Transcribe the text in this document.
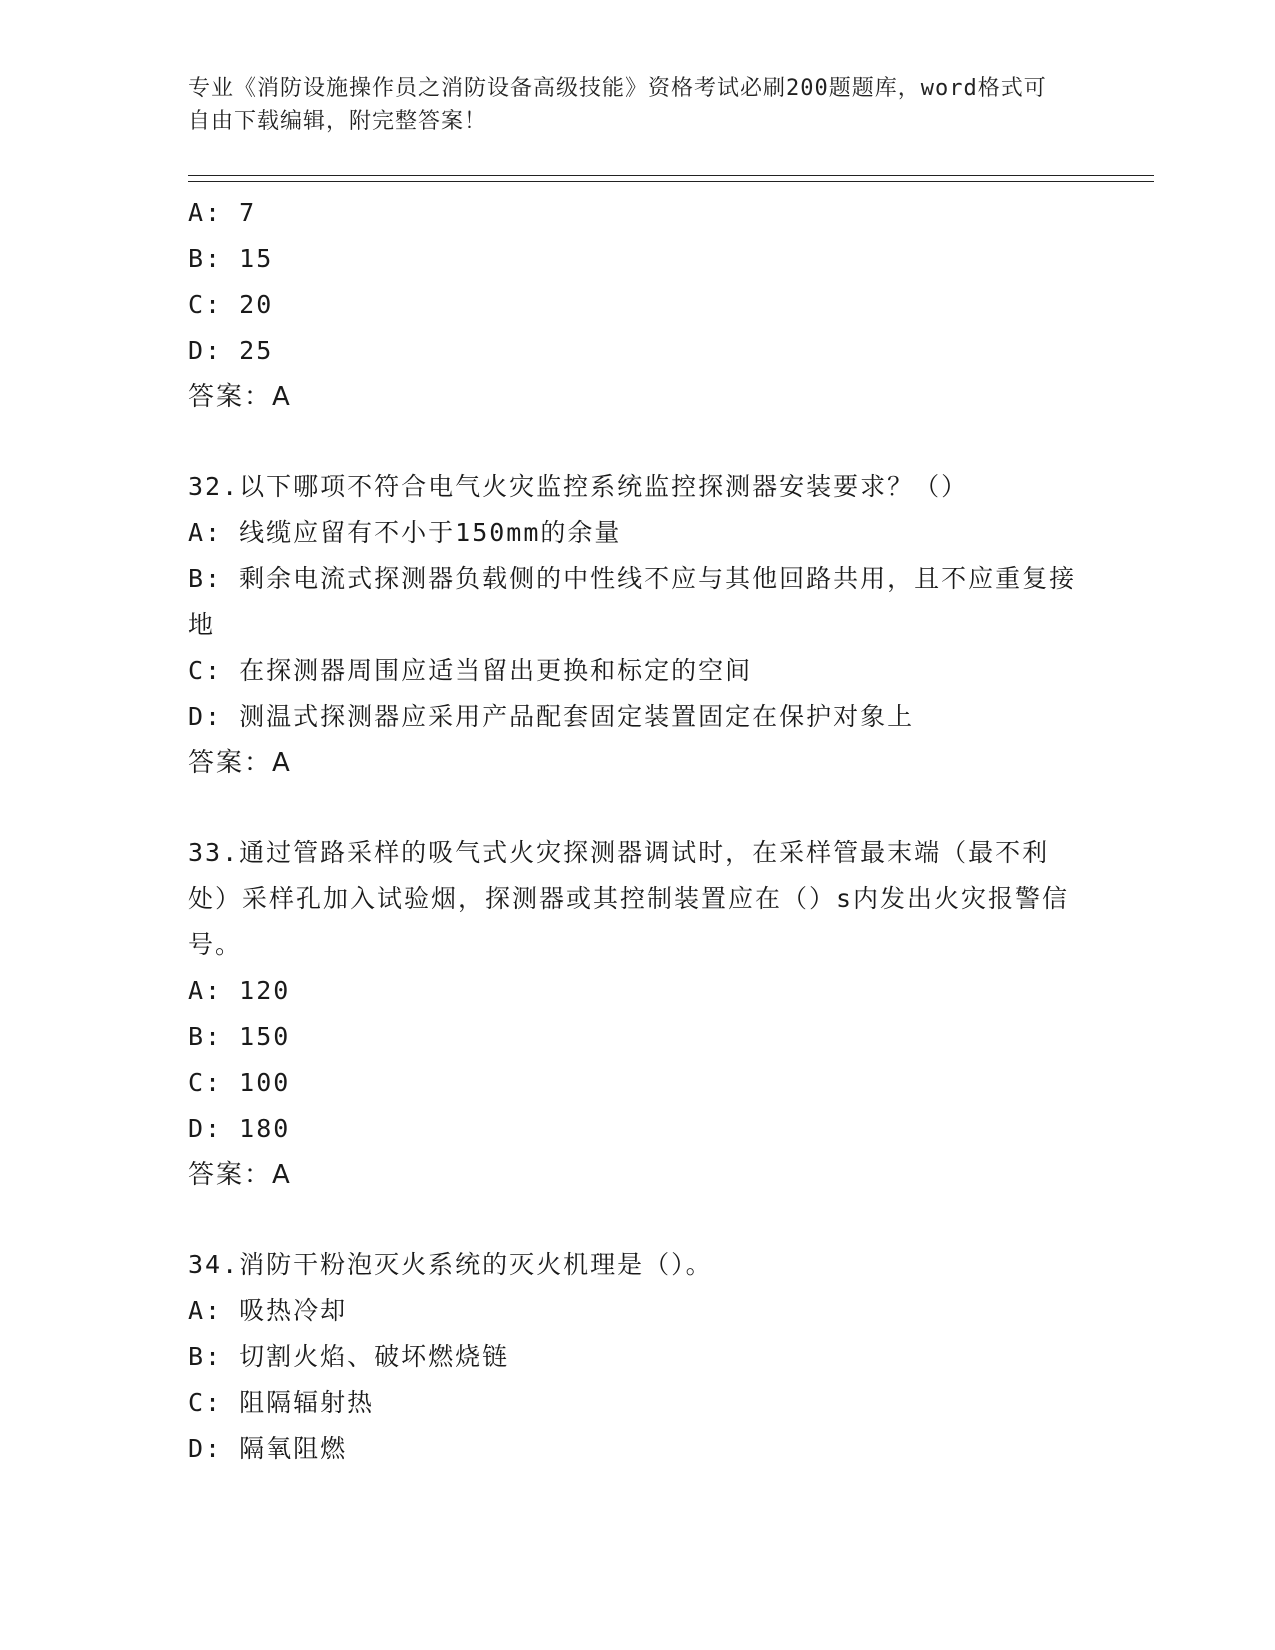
专业《消防设施操作员之消防设备高级技能》资格考试必刷200题题库，word格式可自由下载编辑，附完整答案！
A: 7
B: 15
C: 20
D: 25
答案：A
32.以下哪项不符合电气火灾监控系统监控探测器安装要求？（）
A: 线缆应留有不小于150mm的余量
B: 剩余电流式探测器负载侧的中性线不应与其他回路共用，且不应重复接地
C: 在探测器周围应适当留出更换和标定的空间
D: 测温式探测器应采用产品配套固定装置固定在保护对象上
答案：A
33.通过管路采样的吸气式火灾探测器调试时，在采样管最末端（最不利处）采样孔加入试验烟，探测器或其控制装置应在（）s内发出火灾报警信号。
A: 120
B: 150
C: 100
D: 180
答案：A
34.消防干粉泡灭火系统的灭火机理是（）。
A: 吸热冷却
B: 切割火焰、破坏燃烧链
C: 阻隔辐射热
D: 隔氧阻燃
